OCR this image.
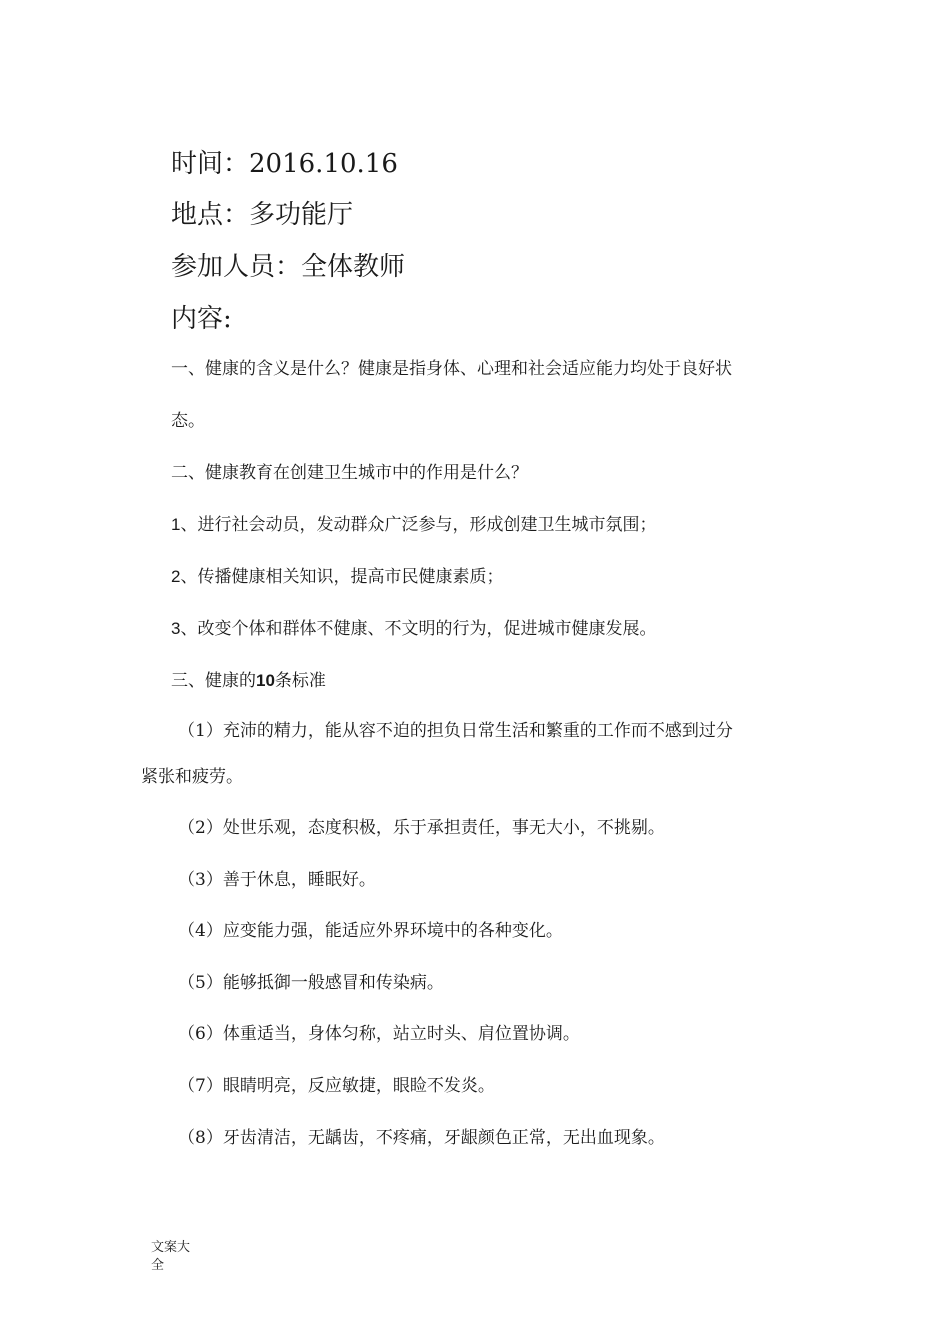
时间：2016.10.16
地点：多功能厅
参加人员：全体教师
内容:
一、健康的含义是什么？健康是指身体、心理和社会适应能力均处于良好状
态。
二、健康教育在创建卫生城市中的作用是什么？
1、进行社会动员，发动群众广泛参与，形成创建卫生城市氛围；
2、传播健康相关知识，提高市民健康素质；
3、改变个体和群体不健康、不文明的行为，促进城市健康发展。
三、健康的10条标准
（1）充沛的精力，能从容不迫的担负日常生活和繁重的工作而不感到过分
紧张和疲劳。
（2）处世乐观，态度积极，乐于承担责任，事无大小，不挑剔。
（3）善于休息，睡眠好。
（4）应变能力强，能适应外界环境中的各种变化。
（5）能够抵御一般感冒和传染病。
（6）体重适当，身体匀称，站立时头、肩位置协调。
（7）眼睛明亮，反应敏捷，眼睑不发炎。
（8）牙齿清洁，无龋齿，不疼痛，牙龈颜色正常，无出血现象。
文案大全
